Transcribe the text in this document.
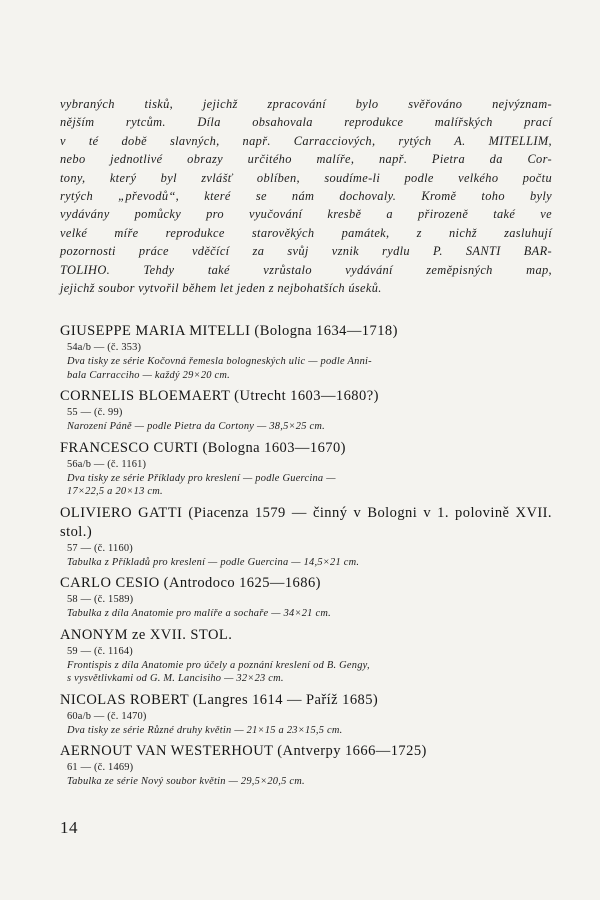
vybraných tisků, jejichž zpracování bylo svěřováno nejvýznam-
nějším rytcům. Díla obsahovala reprodukce malířských prací
v té době slavných, např. Carracciových, rytých A. MITELLIM,
nebo jednotlivé obrazy určitého malíře, např. Pietra da Cor-
tony, který byl zvlášť oblíben, soudíme-li podle velkého počtu
rytých „převodů“, které se nám dochovaly. Kromě toho byly
vydávány pomůcky pro vyučování kresbě a přirozeně také ve
velké míře reprodukce starověkých památek, z nichž zasluhují
pozornosti práce vděčící za svůj vznik rydlu P. SANTI BAR-
TOLIHO. Tehdy také vzrůstalo vydávání zeměpisných map,
jejichž soubor vytvořil během let jeden z nejbohatších úseků.
GIUSEPPE MARIA MITELLI (Bologna 1634—1718)
54a/b — (č. 353)
Dva tisky ze série Kočovná řemesla bolognеských ulic — podle Anni-
bala Carracciho — každý 29×20 cm.
CORNELIS BLOEMAERT (Utrecht 1603—1680?)
55 — (č. 99)
Narození Páně — podle Pietra da Cortony — 38,5×25 cm.
FRANCESCO CURTI (Bologna 1603—1670)
56a/b — (č. 1161)
Dva tisky ze série Příklady pro kreslení — podle Guercina —
17×22,5 a 20×13 cm.
OLIVIERO GATTI (Piacenza 1579 — činný v Bologni v 1. polovině XVII. stol.)
57 — (č. 1160)
Tabulka z Příkladů pro kreslení — podle Guercina — 14,5×21 cm.
CARLO CESIO (Antrodoco 1625—1686)
58 — (č. 1589)
Tabulka z díla Anatomie pro malíře a sochaře — 34×21 cm.
ANONYM ze XVII. STOL.
59 — (č. 1164)
Frontispis z díla Anatomie pro účely a poznání kreslení od B. Gengy,
s vysvětlivkami od G. M. Lancisiho — 32×23 cm.
NICOLAS ROBERT (Langres 1614 — Paříž 1685)
60a/b — (č. 1470)
Dva tisky ze série Různé druhy květin — 21×15 a 23×15,5 cm.
AERNOUT VAN WESTERHOUT (Antverpy 1666—1725)
61 — (č. 1469)
Tabulka ze série Nový soubor květin — 29,5×20,5 cm.
14
